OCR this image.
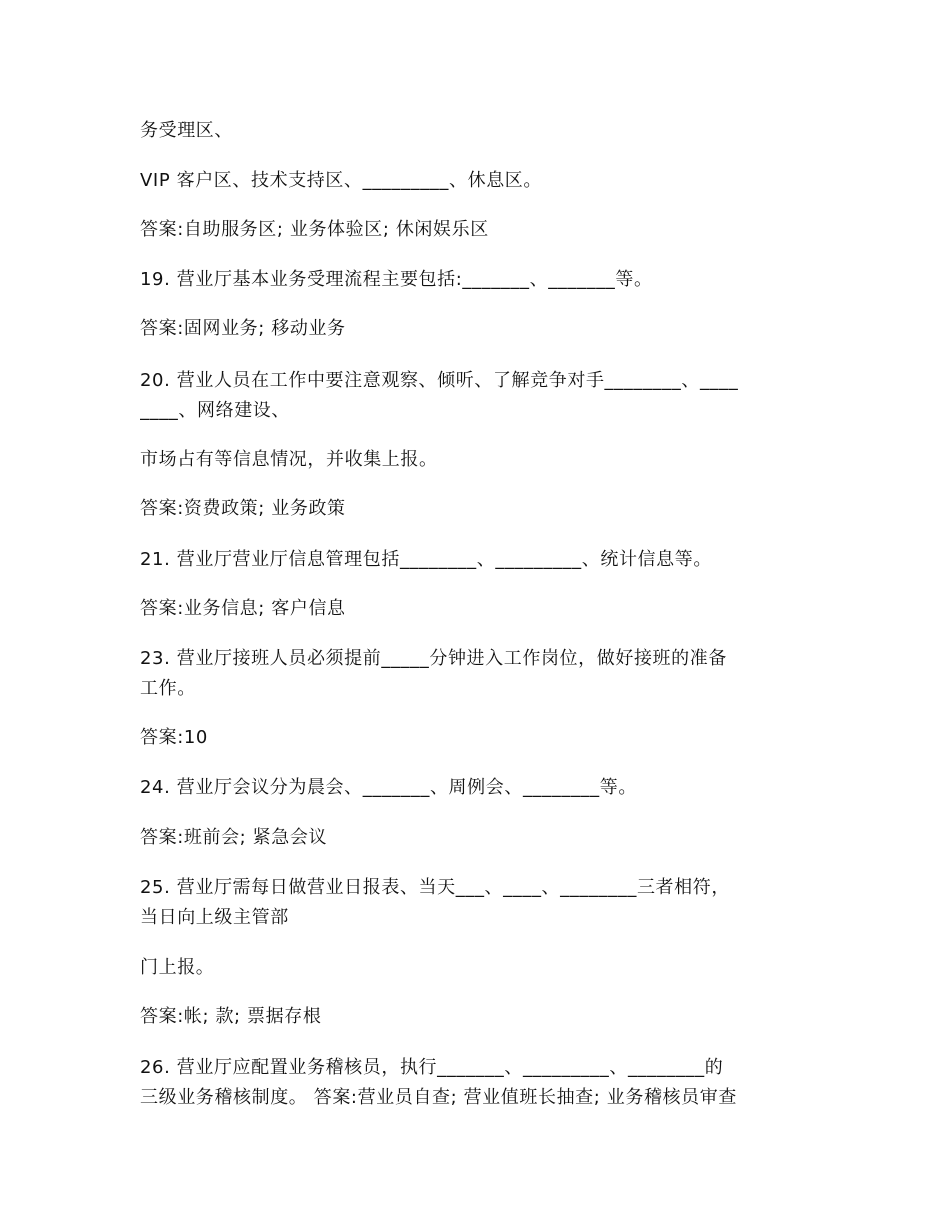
务受理区、
VIP 客户区、技术支持区、_________、休息区。
答案:自助服务区; 业务体验区; 休闲娱乐区
19. 营业厅基本业务受理流程主要包括:_______、_______等。
答案:固网业务; 移动业务
20. 营业人员在工作中要注意观察、倾听、了解竞争对手________、____
____、网络建设、
市场占有等信息情况，并收集上报。
答案:资费政策; 业务政策
21. 营业厅营业厅信息管理包括________、_________、统计信息等。
答案:业务信息; 客户信息
23. 营业厅接班人员必须提前_____分钟进入工作岗位，做好接班的准备
工作。
答案:10
24. 营业厅会议分为晨会、_______、周例会、________等。
答案:班前会; 紧急会议
25. 营业厅需每日做营业日报表、当天___、____、________三者相符，
当日向上级主管部
门上报。
答案:帐; 款; 票据存根
26. 营业厅应配置业务稽核员，执行_______、_________、________的
三级业务稽核制度。 答案:营业员自查; 营业值班长抽查; 业务稽核员审查
